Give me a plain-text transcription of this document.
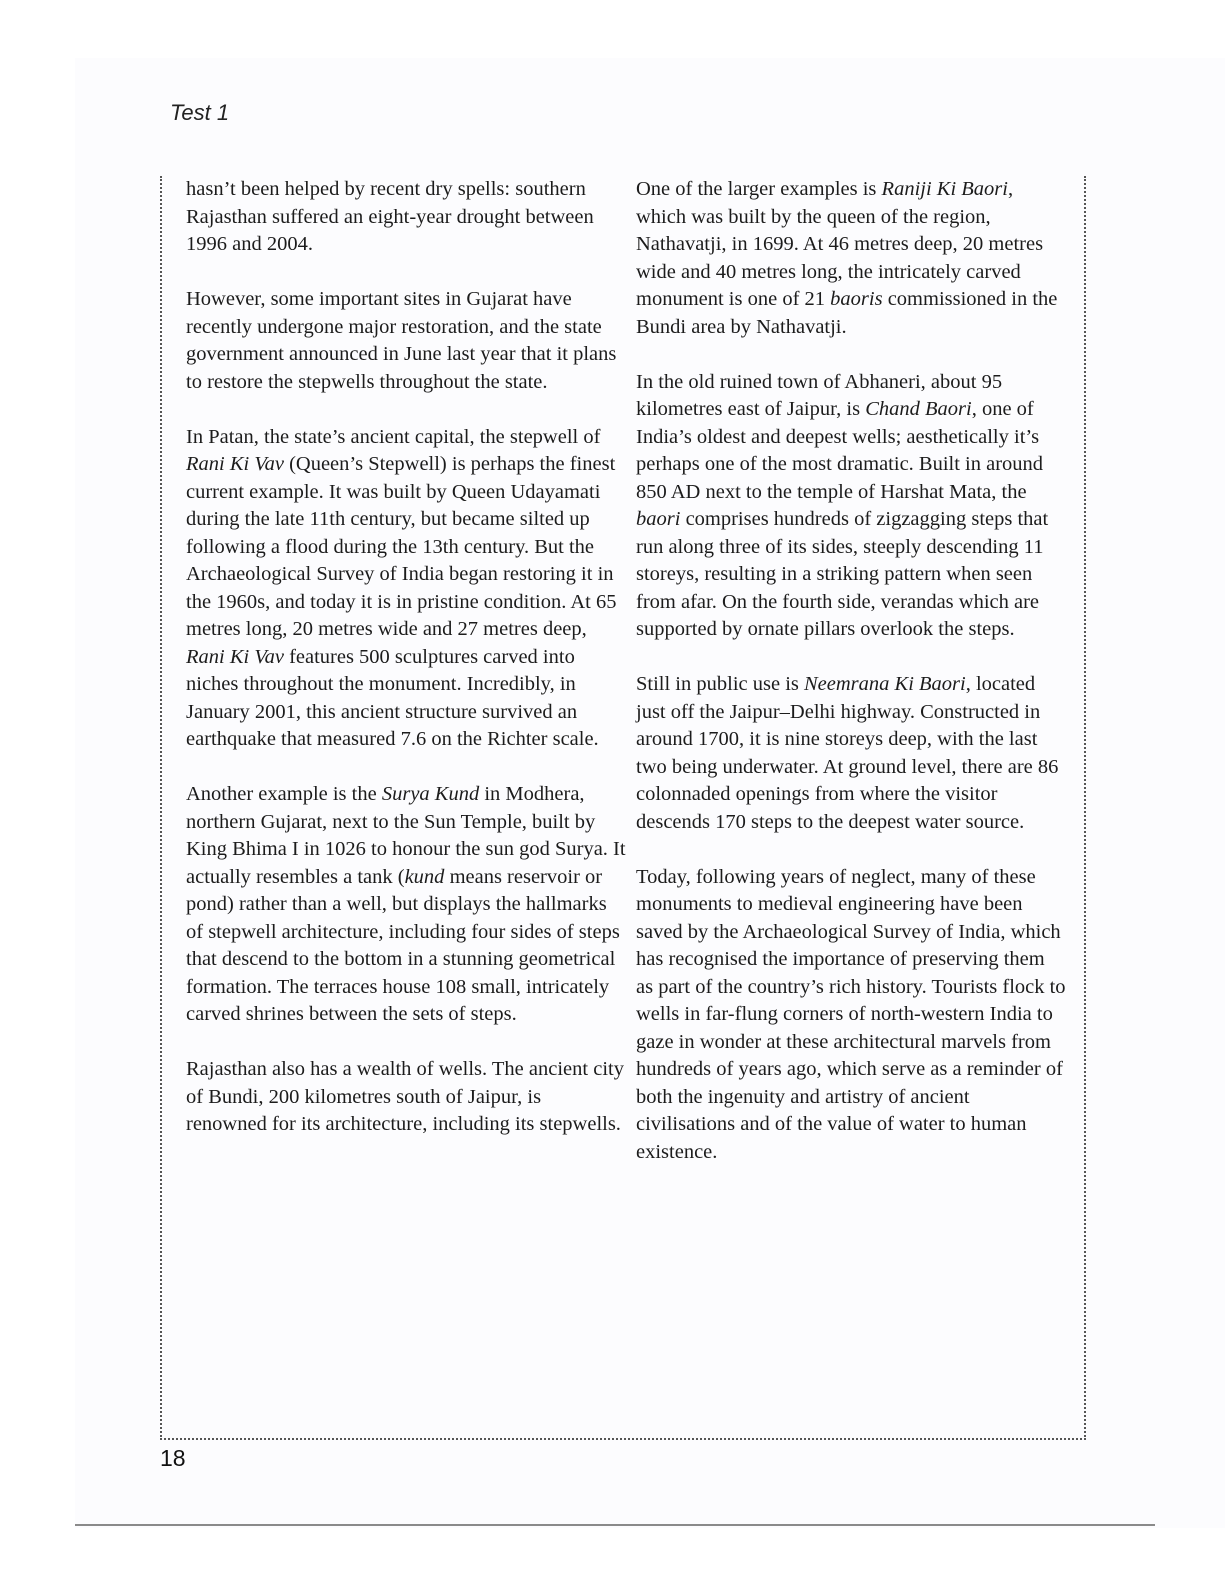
Test 1

hasn’t been helped by recent dry spells: southern Rajasthan suffered an eight-year drought between 1996 and 2004.

However, some important sites in Gujarat have recently undergone major restoration, and the state government announced in June last year that it plans to restore the stepwells throughout the state.

In Patan, the state’s ancient capital, the stepwell of Rani Ki Vav (Queen’s Stepwell) is perhaps the finest current example. It was built by Queen Udayamati during the late 11th century, but became silted up following a flood during the 13th century. But the Archaeological Survey of India began restoring it in the 1960s, and today it is in pristine condition. At 65 metres long, 20 metres wide and 27 metres deep, Rani Ki Vav features 500 sculptures carved into niches throughout the monument. Incredibly, in January 2001, this ancient structure survived an earthquake that measured 7.6 on the Richter scale.

Another example is the Surya Kund in Modhera, northern Gujarat, next to the Sun Temple, built by King Bhima I in 1026 to honour the sun god Surya. It actually resembles a tank (kund means reservoir or pond) rather than a well, but displays the hallmarks of stepwell architecture, including four sides of steps that descend to the bottom in a stunning geometrical formation. The terraces house 108 small, intricately carved shrines between the sets of steps.

Rajasthan also has a wealth of wells. The ancient city of Bundi, 200 kilometres south of Jaipur, is renowned for its architecture, including its stepwells.

One of the larger examples is Raniji Ki Baori, which was built by the queen of the region, Nathavatji, in 1699. At 46 metres deep, 20 metres wide and 40 metres long, the intricately carved monument is one of 21 baoris commissioned in the Bundi area by Nathavatji.

In the old ruined town of Abhaneri, about 95 kilometres east of Jaipur, is Chand Baori, one of India’s oldest and deepest wells; aesthetically it’s perhaps one of the most dramatic. Built in around 850 AD next to the temple of Harshat Mata, the baori comprises hundreds of zigzagging steps that run along three of its sides, steeply descending 11 storeys, resulting in a striking pattern when seen from afar. On the fourth side, verandas which are supported by ornate pillars overlook the steps.

Still in public use is Neemrana Ki Baori, located just off the Jaipur–Delhi highway. Constructed in around 1700, it is nine storeys deep, with the last two being underwater. At ground level, there are 86 colonnaded openings from where the visitor descends 170 steps to the deepest water source.

Today, following years of neglect, many of these monuments to medieval engineering have been saved by the Archaeological Survey of India, which has recognised the importance of preserving them as part of the country’s rich history. Tourists flock to wells in far-flung corners of north-western India to gaze in wonder at these architectural marvels from hundreds of years ago, which serve as a reminder of both the ingenuity and artistry of ancient civilisations and of the value of water to human existence.

18
